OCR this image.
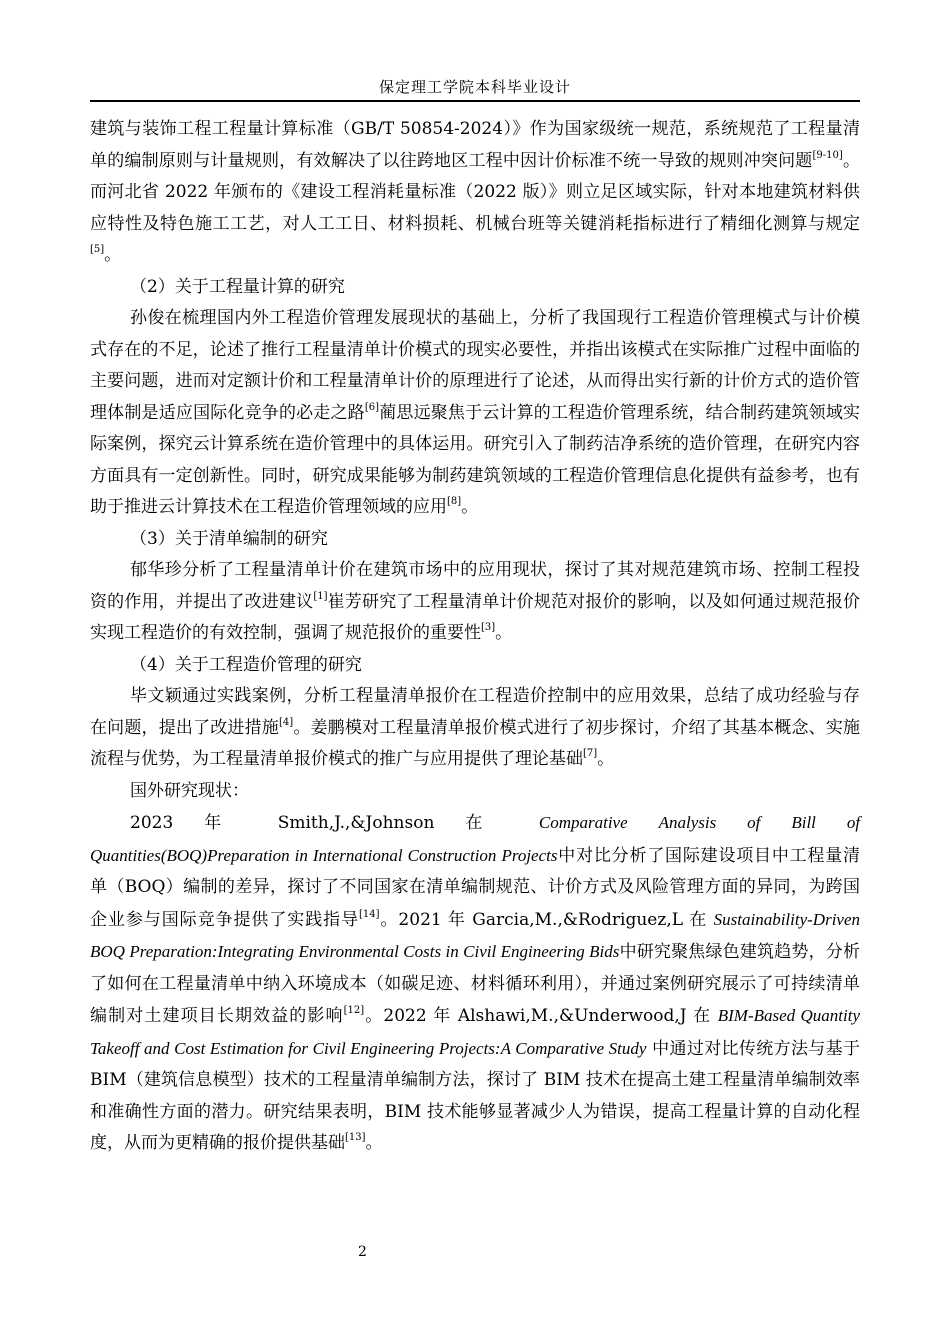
保定理工学院本科毕业设计

建筑与装饰工程工程量计算标准（GB/T 50854-2024）》作为国家级统一规范，系统规范了工程量清单的编制原则与计量规则，有效解决了以往跨地区工程中因计价标准不统一导致的规则冲突问题[9-10]。而河北省 2022 年颁布的《建设工程消耗量标准（2022 版）》则立足区域实际，针对本地建筑材料供应特性及特色施工工艺，对人工工日、材料损耗、机械台班等关键消耗指标进行了精细化测算与规定[5]。

（2）关于工程量计算的研究

孙俊在梳理国内外工程造价管理发展现状的基础上，分析了我国现行工程造价管理模式与计价模式存在的不足，论述了推行工程量清单计价模式的现实必要性，并指出该模式在实际推广过程中面临的主要问题，进而对定额计价和工程量清单计价的原理进行了论述，从而得出实行新的计价方式的造价管理体制是适应国际化竞争的必走之路[6]蔺思远聚焦于云计算的工程造价管理系统，结合制药建筑领域实际案例，探究云计算系统在造价管理中的具体运用。研究引入了制药洁净系统的造价管理，在研究内容方面具有一定创新性。同时，研究成果能够为制药建筑领域的工程造价管理信息化提供有益参考，也有助于推进云计算技术在工程造价管理领域的应用[8]。

（3）关于清单编制的研究

郁华珍分析了工程量清单计价在建筑市场中的应用现状，探讨了其对规范建筑市场、控制工程投资的作用，并提出了改进建议[1]崔芳研究了工程量清单计价规范对报价的影响，以及如何通过规范报价实现工程造价的有效控制，强调了规范报价的重要性[3]。

（4）关于工程造价管理的研究

毕文颖通过实践案例，分析工程量清单报价在工程造价控制中的应用效果，总结了成功经验与存在问题，提出了改进措施[4]。姜鹏模对工程量清单报价模式进行了初步探讨，介绍了其基本概念、实施流程与优势，为工程量清单报价模式的推广与应用提供了理论基础[7]。

国外研究现状：

2023 年 Smith,J.,&Johnson 在 Comparative Analysis of Bill of

Quantities(BOQ)Preparation in International Construction Projects中对比分析了国际建设项目中工程量清单（BOQ）编制的差异，探讨了不同国家在清单编制规范、计价方式及风险管理方面的异同，为跨国企业参与国际竞争提供了实践指导[14]。2021 年 Garcia,M.,&Rodriguez,L 在 Sustainability-Driven BOQ Preparation:Integrating Environmental Costs in Civil Engineering Bids中研究聚焦绿色建筑趋势，分析了如何在工程量清单中纳入环境成本（如碳足迹、材料循环利用），并通过案例研究展示了可持续清单编制对土建项目长期效益的影响[12]。2022 年 Alshawi,M.,&Underwood,J 在 BIM-Based Quantity Takeoff and Cost Estimation for Civil Engineering Projects:A Comparative Study 中通过对比传统方法与基于 BIM（建筑信息模型）技术的工程量清单编制方法，探讨了 BIM 技术在提高土建工程量清单编制效率和准确性方面的潜力。研究结果表明，BIM 技术能够显著减少人为错误，提高工程量计算的自动化程度，从而为更精确的报价提供基础[13]。

2
